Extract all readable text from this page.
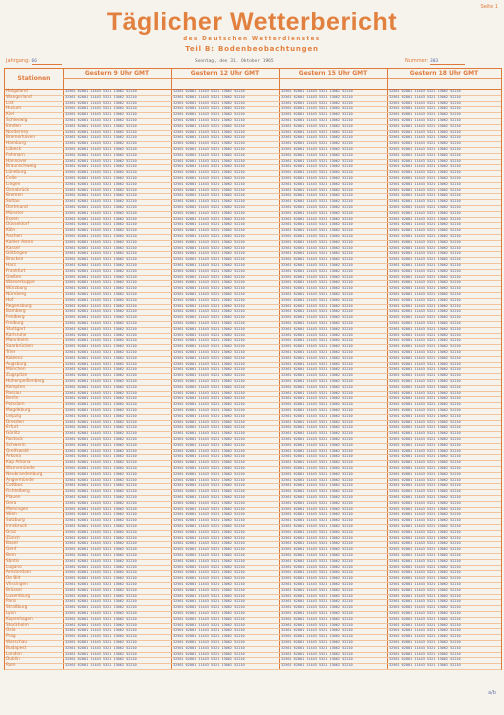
Seite 1
Täglicher Wetterbericht
des Deutschen Wetterdienstes
Teil B: Bodenbeobachtungen
Jahrgang: 66	Sonntag, den 31. Oktober 1965	Nummer: 303
Stationen
Gestern 9 Uhr GMT	Gestern 12 Uhr GMT	Gestern 15 Uhr GMT	Gestern 18 Uhr GMT
Helgoland	32561 62801 11443 5321 13062 52210	32561 62801 11443 5321 13062 52210	32561 62801 11443 5321 13062 52210	32561 62801 11443 5321 13062 52210
Wangerland	32561 62801 11443 5321 13062 52210	32561 62801 11443 5321 13062 52210	32561 62801 11443 5321 13062 52210	32561 62801 11443 5321 13062 52210
List	32561 62801 11443 5321 13062 52210	32561 62801 11443 5321 13062 52210	32561 62801 11443 5321 13062 52210	32561 62801 11443 5321 13062 52210
Husum	32561 62801 11443 5321 13062 52210	32561 62801 11443 5321 13062 52210	32561 62801 11443 5321 13062 52210	32561 62801 11443 5321 13062 52210
Kiel	32561 62801 11443 5321 13062 52210	32561 62801 11443 5321 13062 52210	32561 62801 11443 5321 13062 52210	32561 62801 11443 5321 13062 52210
Schleswig	32561 62801 11443 5321 13062 52210	32561 62801 11443 5321 13062 52210	32561 62801 11443 5321 13062 52210	32561 62801 11443 5321 13062 52210
Emden	32561 62801 11443 5321 13062 52210	32561 62801 11443 5321 13062 52210	32561 62801 11443 5321 13062 52210	32561 62801 11443 5321 13062 52210
Norderney	32561 62801 11443 5321 13062 52210	32561 62801 11443 5321 13062 52210	32561 62801 11443 5321 13062 52210	32561 62801 11443 5321 13062 52210
Bremerhaven	32561 62801 11443 5321 13062 52210	32561 62801 11443 5321 13062 52210	32561 62801 11443 5321 13062 52210	32561 62801 11443 5321 13062 52210
Hamburg	32561 62801 11443 5321 13062 52210	32561 62801 11443 5321 13062 52210	32561 62801 11443 5321 13062 52210	32561 62801 11443 5321 13062 52210
Lübeck	32561 62801 11443 5321 13062 52210	32561 62801 11443 5321 13062 52210	32561 62801 11443 5321 13062 52210	32561 62801 11443 5321 13062 52210
Fehmarn	32561 62801 11443 5321 13062 52210	32561 62801 11443 5321 13062 52210	32561 62801 11443 5321 13062 52210	32561 62801 11443 5321 13062 52210
Hannover	32561 62801 11443 5321 13062 52210	32561 62801 11443 5321 13062 52210	32561 62801 11443 5321 13062 52210	32561 62801 11443 5321 13062 52210
Braunschweig	32561 62801 11443 5321 13062 52210	32561 62801 11443 5321 13062 52210	32561 62801 11443 5321 13062 52210	32561 62801 11443 5321 13062 52210
Lüneburg	32561 62801 11443 5321 13062 52210	32561 62801 11443 5321 13062 52210	32561 62801 11443 5321 13062 52210	32561 62801 11443 5321 13062 52210
Celle	32561 62801 11443 5321 13062 52210	32561 62801 11443 5321 13062 52210	32561 62801 11443 5321 13062 52210	32561 62801 11443 5321 13062 52210
Lingen	32561 62801 11443 5321 13062 52210	32561 62801 11443 5321 13062 52210	32561 62801 11443 5321 13062 52210	32561 62801 11443 5321 13062 52210
Osnabrück	32561 62801 11443 5321 13062 52210	32561 62801 11443 5321 13062 52210	32561 62801 11443 5321 13062 52210	32561 62801 11443 5321 13062 52210
Bremen	32561 62801 11443 5321 13062 52210	32561 62801 11443 5321 13062 52210	32561 62801 11443 5321 13062 52210	32561 62801 11443 5321 13062 52210
Soltau	32561 62801 11443 5321 13062 52210	32561 62801 11443 5321 13062 52210	32561 62801 11443 5321 13062 52210	32561 62801 11443 5321 13062 52210
Dortmund	32561 62801 11443 5321 13062 52210	32561 62801 11443 5321 13062 52210	32561 62801 11443 5321 13062 52210	32561 62801 11443 5321 13062 52210
Münster	32561 62801 11443 5321 13062 52210	32561 62801 11443 5321 13062 52210	32561 62801 11443 5321 13062 52210	32561 62801 11443 5321 13062 52210
Essen	32561 62801 11443 5321 13062 52210	32561 62801 11443 5321 13062 52210	32561 62801 11443 5321 13062 52210	32561 62801 11443 5321 13062 52210
Düsseldorf	32561 62801 11443 5321 13062 52210	32561 62801 11443 5321 13062 52210	32561 62801 11443 5321 13062 52210	32561 62801 11443 5321 13062 52210
Köln	32561 62801 11443 5321 13062 52210	32561 62801 11443 5321 13062 52210	32561 62801 11443 5321 13062 52210	32561 62801 11443 5321 13062 52210
Aachen	32561 62801 11443 5321 13062 52210	32561 62801 11443 5321 13062 52210	32561 62801 11443 5321 13062 52210	32561 62801 11443 5321 13062 52210
Kahler Asten	32561 62801 11443 5321 13062 52210	32561 62801 11443 5321 13062 52210	32561 62801 11443 5321 13062 52210	32561 62801 11443 5321 13062 52210
Kassel	32561 62801 11443 5321 13062 52210	32561 62801 11443 5321 13062 52210	32561 62801 11443 5321 13062 52210	32561 62801 11443 5321 13062 52210
Göttingen	32561 62801 11443 5321 13062 52210	32561 62801 11443 5321 13062 52210	32561 62801 11443 5321 13062 52210	32561 62801 11443 5321 13062 52210
Brocken	32561 62801 11443 5321 13062 52210	32561 62801 11443 5321 13062 52210	32561 62801 11443 5321 13062 52210	32561 62801 11443 5321 13062 52210
Harz	32561 62801 11443 5321 13062 52210	32561 62801 11443 5321 13062 52210	32561 62801 11443 5321 13062 52210	32561 62801 11443 5321 13062 52210
Frankfurt	32561 62801 11443 5321 13062 52210	32561 62801 11443 5321 13062 52210	32561 62801 11443 5321 13062 52210	32561 62801 11443 5321 13062 52210
Gießen	32561 62801 11443 5321 13062 52210	32561 62801 11443 5321 13062 52210	32561 62801 11443 5321 13062 52210	32561 62801 11443 5321 13062 52210
Wasserkuppe	32561 62801 11443 5321 13062 52210	32561 62801 11443 5321 13062 52210	32561 62801 11443 5321 13062 52210	32561 62801 11443 5321 13062 52210
Würzburg	32561 62801 11443 5321 13062 52210	32561 62801 11443 5321 13062 52210	32561 62801 11443 5321 13062 52210	32561 62801 11443 5321 13062 52210
Nürnberg	32561 62801 11443 5321 13062 52210	32561 62801 11443 5321 13062 52210	32561 62801 11443 5321 13062 52210	32561 62801 11443 5321 13062 52210
Hof	32561 62801 11443 5321 13062 52210	32561 62801 11443 5321 13062 52210	32561 62801 11443 5321 13062 52210	32561 62801 11443 5321 13062 52210
Regensburg	32561 62801 11443 5321 13062 52210	32561 62801 11443 5321 13062 52210	32561 62801 11443 5321 13062 52210	32561 62801 11443 5321 13062 52210
Bamberg	32561 62801 11443 5321 13062 52210	32561 62801 11443 5321 13062 52210	32561 62801 11443 5321 13062 52210	32561 62801 11443 5321 13062 52210
Feldberg	32561 62801 11443 5321 13062 52210	32561 62801 11443 5321 13062 52210	32561 62801 11443 5321 13062 52210	32561 62801 11443 5321 13062 52210
Freiburg	32561 62801 11443 5321 13062 52210	32561 62801 11443 5321 13062 52210	32561 62801 11443 5321 13062 52210	32561 62801 11443 5321 13062 52210
Stuttgart	32561 62801 11443 5321 13062 52210	32561 62801 11443 5321 13062 52210	32561 62801 11443 5321 13062 52210	32561 62801 11443 5321 13062 52210
Karlsruhe	32561 62801 11443 5321 13062 52210	32561 62801 11443 5321 13062 52210	32561 62801 11443 5321 13062 52210	32561 62801 11443 5321 13062 52210
Mannheim	32561 62801 11443 5321 13062 52210	32561 62801 11443 5321 13062 52210	32561 62801 11443 5321 13062 52210	32561 62801 11443 5321 13062 52210
Saarbrücken	32561 62801 11443 5321 13062 52210	32561 62801 11443 5321 13062 52210	32561 62801 11443 5321 13062 52210	32561 62801 11443 5321 13062 52210
Trier	32561 62801 11443 5321 13062 52210	32561 62801 11443 5321 13062 52210	32561 62801 11443 5321 13062 52210	32561 62801 11443 5321 13062 52210
Koblenz	32561 62801 11443 5321 13062 52210	32561 62801 11443 5321 13062 52210	32561 62801 11443 5321 13062 52210	32561 62801 11443 5321 13062 52210
Augsburg	32561 62801 11443 5321 13062 52210	32561 62801 11443 5321 13062 52210	32561 62801 11443 5321 13062 52210	32561 62801 11443 5321 13062 52210
München	32561 62801 11443 5321 13062 52210	32561 62801 11443 5321 13062 52210	32561 62801 11443 5321 13062 52210	32561 62801 11443 5321 13062 52210
Zugspitze	32561 62801 11443 5321 13062 52210	32561 62801 11443 5321 13062 52210	32561 62801 11443 5321 13062 52210	32561 62801 11443 5321 13062 52210
Hohenpeißenberg	32561 62801 11443 5321 13062 52210	32561 62801 11443 5321 13062 52210	32561 62801 11443 5321 13062 52210	32561 62801 11443 5321 13062 52210
Kempten	32561 62801 11443 5321 13062 52210	32561 62801 11443 5321 13062 52210	32561 62801 11443 5321 13062 52210	32561 62801 11443 5321 13062 52210
Passau	32561 62801 11443 5321 13062 52210	32561 62801 11443 5321 13062 52210	32561 62801 11443 5321 13062 52210	32561 62801 11443 5321 13062 52210
Berlin	32561 62801 11443 5321 13062 52210	32561 62801 11443 5321 13062 52210	32561 62801 11443 5321 13062 52210	32561 62801 11443 5321 13062 52210
Potsdam	32561 62801 11443 5321 13062 52210	32561 62801 11443 5321 13062 52210	32561 62801 11443 5321 13062 52210	32561 62801 11443 5321 13062 52210
Magdeburg	32561 62801 11443 5321 13062 52210	32561 62801 11443 5321 13062 52210	32561 62801 11443 5321 13062 52210	32561 62801 11443 5321 13062 52210
Leipzig	32561 62801 11443 5321 13062 52210	32561 62801 11443 5321 13062 52210	32561 62801 11443 5321 13062 52210	32561 62801 11443 5321 13062 52210
Dresden	32561 62801 11443 5321 13062 52210	32561 62801 11443 5321 13062 52210	32561 62801 11443 5321 13062 52210	32561 62801 11443 5321 13062 52210
Erfurt	32561 62801 11443 5321 13062 52210	32561 62801 11443 5321 13062 52210	32561 62801 11443 5321 13062 52210	32561 62801 11443 5321 13062 52210
Görlitz	32561 62801 11443 5321 13062 52210	32561 62801 11443 5321 13062 52210	32561 62801 11443 5321 13062 52210	32561 62801 11443 5321 13062 52210
Rostock	32561 62801 11443 5321 13062 52210	32561 62801 11443 5321 13062 52210	32561 62801 11443 5321 13062 52210	32561 62801 11443 5321 13062 52210
Schwerin	32561 62801 11443 5321 13062 52210	32561 62801 11443 5321 13062 52210	32561 62801 11443 5321 13062 52210	32561 62801 11443 5321 13062 52210
Greifswald	32561 62801 11443 5321 13062 52210	32561 62801 11443 5321 13062 52210	32561 62801 11443 5321 13062 52210	32561 62801 11443 5321 13062 52210
Arkona	32561 62801 11443 5321 13062 52210	32561 62801 11443 5321 13062 52210	32561 62801 11443 5321 13062 52210	32561 62801 11443 5321 13062 52210
Kap Arkona	32561 62801 11443 5321 13062 52210	32561 62801 11443 5321 13062 52210	32561 62801 11443 5321 13062 52210	32561 62801 11443 5321 13062 52210
Warnemünde	32561 62801 11443 5321 13062 52210	32561 62801 11443 5321 13062 52210	32561 62801 11443 5321 13062 52210	32561 62801 11443 5321 13062 52210
Neubrandenburg	32561 62801 11443 5321 13062 52210	32561 62801 11443 5321 13062 52210	32561 62801 11443 5321 13062 52210	32561 62801 11443 5321 13062 52210
Angermünde	32561 62801 11443 5321 13062 52210	32561 62801 11443 5321 13062 52210	32561 62801 11443 5321 13062 52210	32561 62801 11443 5321 13062 52210
Cottbus	32561 62801 11443 5321 13062 52210	32561 62801 11443 5321 13062 52210	32561 62801 11443 5321 13062 52210	32561 62801 11443 5321 13062 52210
Fichtelberg	32561 62801 11443 5321 13062 52210	32561 62801 11443 5321 13062 52210	32561 62801 11443 5321 13062 52210	32561 62801 11443 5321 13062 52210
Plauen	32561 62801 11443 5321 13062 52210	32561 62801 11443 5321 13062 52210	32561 62801 11443 5321 13062 52210	32561 62801 11443 5321 13062 52210
Gera	32561 62801 11443 5321 13062 52210	32561 62801 11443 5321 13062 52210	32561 62801 11443 5321 13062 52210	32561 62801 11443 5321 13062 52210
Meiningen	32561 62801 11443 5321 13062 52210	32561 62801 11443 5321 13062 52210	32561 62801 11443 5321 13062 52210	32561 62801 11443 5321 13062 52210
Wien	32561 62801 11443 5321 13062 52210	32561 62801 11443 5321 13062 52210	32561 62801 11443 5321 13062 52210	32561 62801 11443 5321 13062 52210
Salzburg	32561 62801 11443 5321 13062 52210	32561 62801 11443 5321 13062 52210	32561 62801 11443 5321 13062 52210	32561 62801 11443 5321 13062 52210
Innsbruck	32561 62801 11443 5321 13062 52210	32561 62801 11443 5321 13062 52210	32561 62801 11443 5321 13062 52210	32561 62801 11443 5321 13062 52210
Graz	32561 62801 11443 5321 13062 52210	32561 62801 11443 5321 13062 52210	32561 62801 11443 5321 13062 52210	32561 62801 11443 5321 13062 52210
Zürich	32561 62801 11443 5321 13062 52210	32561 62801 11443 5321 13062 52210	32561 62801 11443 5321 13062 52210	32561 62801 11443 5321 13062 52210
Basel	32561 62801 11443 5321 13062 52210	32561 62801 11443 5321 13062 52210	32561 62801 11443 5321 13062 52210	32561 62801 11443 5321 13062 52210
Genf	32561 62801 11443 5321 13062 52210	32561 62801 11443 5321 13062 52210	32561 62801 11443 5321 13062 52210	32561 62801 11443 5321 13062 52210
Bern	32561 62801 11443 5321 13062 52210	32561 62801 11443 5321 13062 52210	32561 62801 11443 5321 13062 52210	32561 62801 11443 5321 13062 52210
Säntis	32561 62801 11443 5321 13062 52210	32561 62801 11443 5321 13062 52210	32561 62801 11443 5321 13062 52210	32561 62801 11443 5321 13062 52210
Lugano	32561 62801 11443 5321 13062 52210	32561 62801 11443 5321 13062 52210	32561 62801 11443 5321 13062 52210	32561 62801 11443 5321 13062 52210
Amsterdam	32561 62801 11443 5321 13062 52210	32561 62801 11443 5321 13062 52210	32561 62801 11443 5321 13062 52210	32561 62801 11443 5321 13062 52210
De Bilt	32561 62801 11443 5321 13062 52210	32561 62801 11443 5321 13062 52210	32561 62801 11443 5321 13062 52210	32561 62801 11443 5321 13062 52210
Vlissingen	32561 62801 11443 5321 13062 52210	32561 62801 11443 5321 13062 52210	32561 62801 11443 5321 13062 52210	32561 62801 11443 5321 13062 52210
Brüssel	32561 62801 11443 5321 13062 52210	32561 62801 11443 5321 13062 52210	32561 62801 11443 5321 13062 52210	32561 62801 11443 5321 13062 52210
Luxemburg	32561 62801 11443 5321 13062 52210	32561 62801 11443 5321 13062 52210	32561 62801 11443 5321 13062 52210	32561 62801 11443 5321 13062 52210
Paris	32561 62801 11443 5321 13062 52210	32561 62801 11443 5321 13062 52210	32561 62801 11443 5321 13062 52210	32561 62801 11443 5321 13062 52210
Straßburg	32561 62801 11443 5321 13062 52210	32561 62801 11443 5321 13062 52210	32561 62801 11443 5321 13062 52210	32561 62801 11443 5321 13062 52210
Lyon	32561 62801 11443 5321 13062 52210	32561 62801 11443 5321 13062 52210	32561 62801 11443 5321 13062 52210	32561 62801 11443 5321 13062 52210
Kopenhagen	32561 62801 11443 5321 13062 52210	32561 62801 11443 5321 13062 52210	32561 62801 11443 5321 13062 52210	32561 62801 11443 5321 13062 52210
Stockholm	32561 62801 11443 5321 13062 52210	32561 62801 11443 5321 13062 52210	32561 62801 11443 5321 13062 52210	32561 62801 11443 5321 13062 52210
Oslo	32561 62801 11443 5321 13062 52210	32561 62801 11443 5321 13062 52210	32561 62801 11443 5321 13062 52210	32561 62801 11443 5321 13062 52210
Prag	32561 62801 11443 5321 13062 52210	32561 62801 11443 5321 13062 52210	32561 62801 11443 5321 13062 52210	32561 62801 11443 5321 13062 52210
Warschau	32561 62801 11443 5321 13062 52210	32561 62801 11443 5321 13062 52210	32561 62801 11443 5321 13062 52210	32561 62801 11443 5321 13062 52210
Budapest	32561 62801 11443 5321 13062 52210	32561 62801 11443 5321 13062 52210	32561 62801 11443 5321 13062 52210	32561 62801 11443 5321 13062 52210
London	32561 62801 11443 5321 13062 52210	32561 62801 11443 5321 13062 52210	32561 62801 11443 5321 13062 52210	32561 62801 11443 5321 13062 52210
Dublin	32561 62801 11443 5321 13062 52210	32561 62801 11443 5321 13062 52210	32561 62801 11443 5321 13062 52210	32561 62801 11443 5321 13062 52210
Rom	32561 62801 11443 5321 13062 52210	32561 62801 11443 5321 13062 52210	32561 62801 11443 5321 13062 52210	32561 62801 11443 5321 13062 52210
a/b
